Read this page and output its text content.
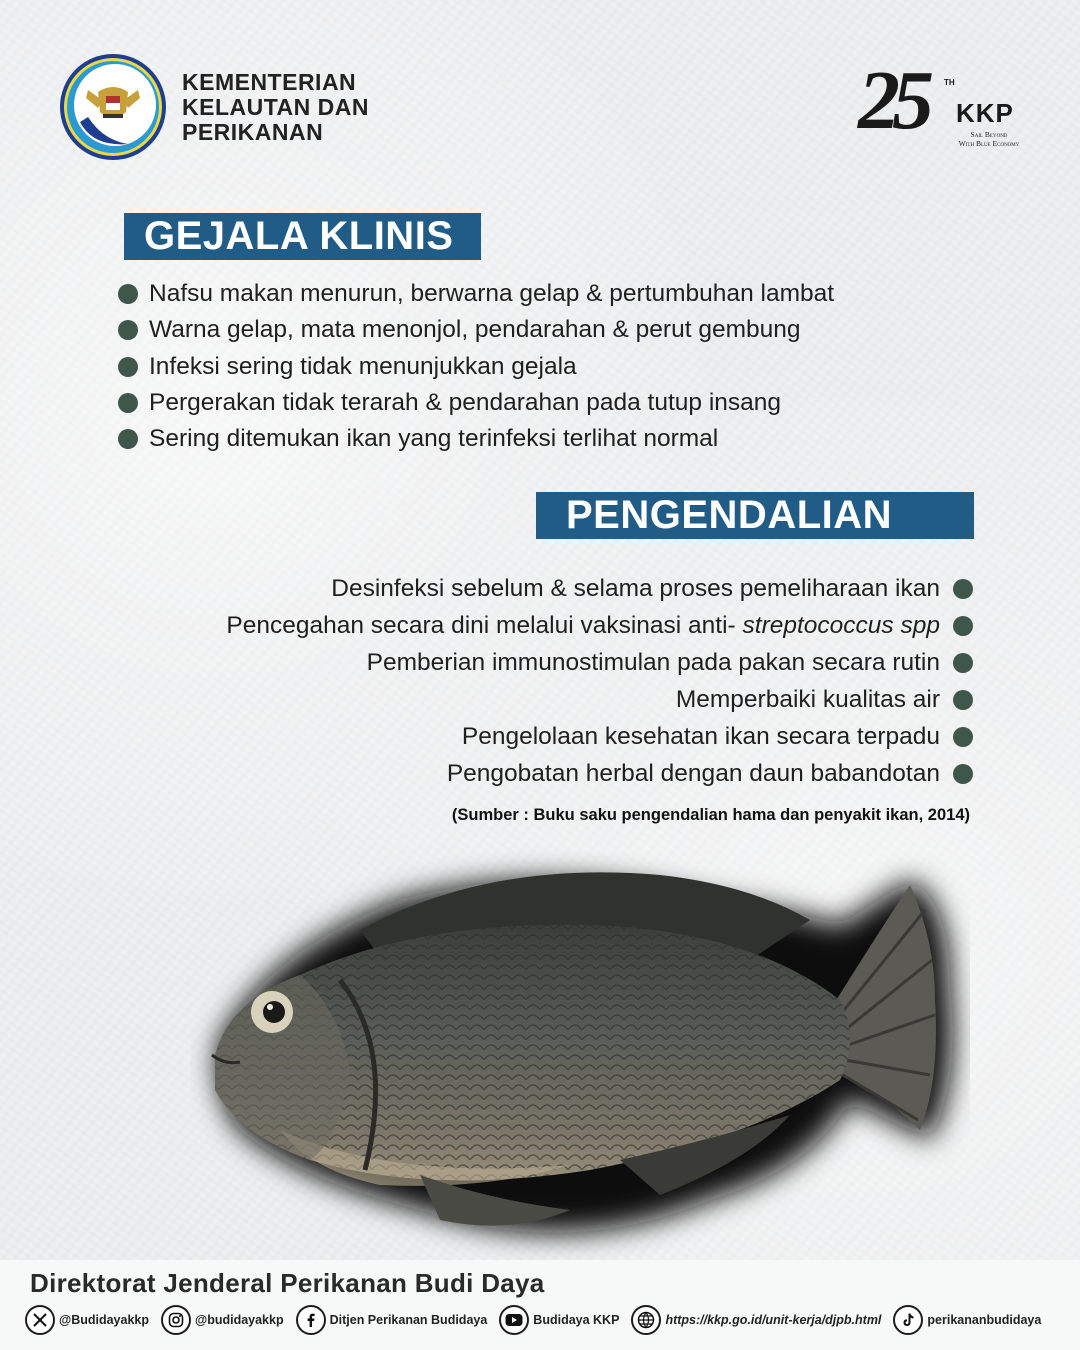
KEMENTERIAN
KELAUTAN DAN
PERIKANAN	25 TH
KKP
Sail Beyond
With Blue Economy
GEJALA KLINIS
Nafsu makan menurun, berwarna gelap & pertumbuhan lambat
Warna gelap, mata menonjol, pendarahan & perut gembung
Infeksi sering tidak menunjukkan gejala
Pergerakan tidak terarah & pendarahan pada tutup insang
Sering ditemukan ikan yang terinfeksi terlihat normal
PENGENDALIAN
Desinfeksi sebelum & selama proses pemeliharaan ikan
Pencegahan secara dini melalui vaksinasi anti-
streptococcus spp
Pemberian immunostimulan pada pakan secara rutin
Memperbaiki kualitas air
Pengelolaan kesehatan ikan secara terpadu
Pengobatan herbal dengan daun babandotan
(Sumber : Buku saku pengendalian hama dan penyakit ikan, 2014)
Direktorat Jenderal Perikanan Budi Daya
@Budidayakkp	@budidayakkp	Ditjen Perikanan Budidaya	Budidaya KKP	https://kkp.go.id/unit-kerja/djpb.html	perikananbudidaya
